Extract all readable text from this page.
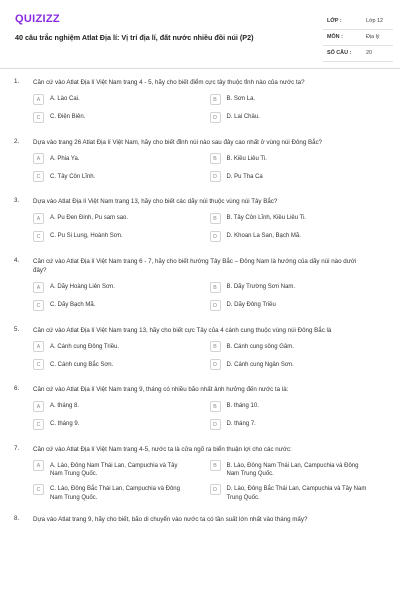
QUIZIZZ
40 câu trắc nghiệm Atlat Địa lí: Vị trí địa lí, đất nước nhiều đồi núi (P2)
LỚP :	Lớp 12
MÔN :	Địa lý
SỐ CÂU :	20
1. Căn cứ vào Atlat Địa lí Việt Nam trang 4 - 5, hãy cho biết điểm cực tây thuộc tỉnh nào của nước ta?
A	A. Lào Cai.	B	B. Sơn La.
C	C. Điện Biên.	D	D. Lai Châu.
2. Dựa vào trang 26 Atlat Địa lí Việt Nam, hãy cho biết đỉnh núi nào sau đây cao nhất ở vùng núi Đông Bắc?
A	A. Phia Ya.	B	B. Kiều Liêu Ti.
C	C. Tây Côn Lĩnh.	D	D. Pu Tha Ca
3. Dựa vào Atlat Địa lí Việt Nam trang 13, hãy cho biết các dãy núi thuộc vùng núi Tây Bắc?
A	A. Pu Đen Đinh, Pu sam sao.	B	B. Tây Côn Lĩnh, Kiều Liêu Ti.
C	C. Pu Si Lung, Hoành Sơn.	D	D. Khoan La San, Bạch Mã.
4. Căn cứ vào Atlat Địa lí Việt Nam trang 6 - 7, hãy cho biết hướng Tây Bắc – Đông Nam là hướng của dãy núi nào dưới đây?
A	A. Dãy Hoàng Liên Sơn.	B	B. Dãy Trường Sơn Nam.
C	C. Dãy Bạch Mã.	D	D. Dãy Đông Triều
5. Căn cứ vào Atlat Địa lí Việt Nam trang 13, hãy cho biết cực Tây của 4 cánh cung thuộc vùng núi Đông Bắc là
A	A. Cánh cung Đông Triều.	B	B. Cánh cung sông Gâm.
C	C. Cánh cung Bắc Sơn.	D	D. Cánh cung Ngân Sơn.
6. Căn cứ vào Atlat Địa lí Việt Nam trang 9, tháng có nhiều bão nhất ảnh hưởng đến nước ta là:
A	A. tháng 8.	B	B. tháng 10.
C	C. tháng 9.	D	D. tháng 7.
7. Căn cứ vào Atlat Địa lí Việt Nam trang 4-5, nước ta là cửa ngõ ra biển thuận lợi cho các nước:
A	A. Lào, Đông Nam Thái Lan, Campuchia và Tây Nam Trung Quốc.
B	B. Lào, Đông Nam Thái Lan, Campuchia và Đông Nam Trung Quốc.
C	C. Lào, Đông Bắc Thái Lan, Campuchia và Đông Nam Trung Quốc.
D	D. Lào, Đông Bắc Thái Lan, Campuchia và Tây Nam Trung Quốc.
8. Dựa vào Atlat trang 9, hãy cho biết, bão di chuyển vào nước ta có tần suất lớn nhất vào tháng mấy?
